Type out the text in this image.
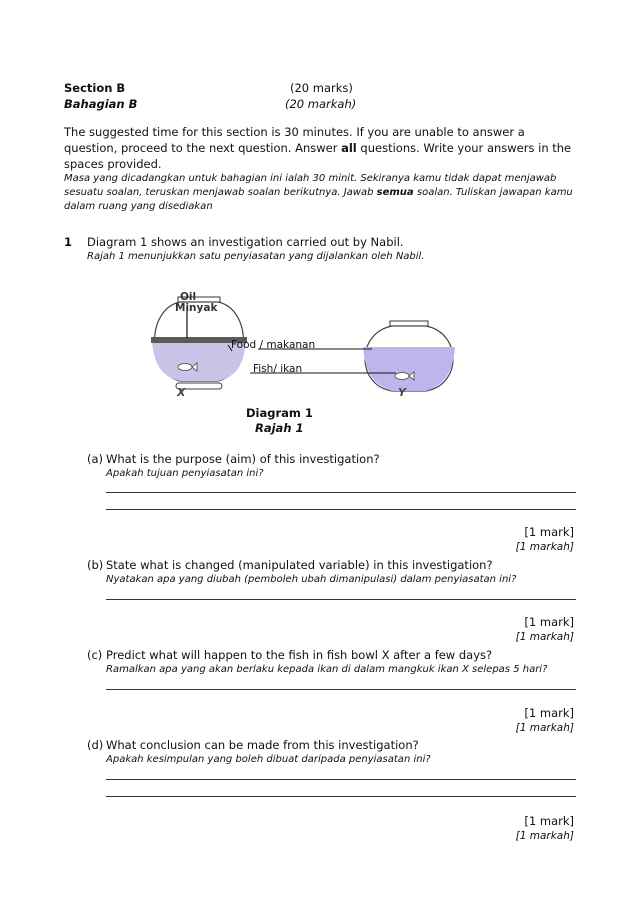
Section B
Bahagian B
(20 marks)
(20 markah)
The suggested time for this section is 30 minutes. If you are unable to answer a question, proceed to the next question. Answer all questions. Write your answers in the spaces provided.
Masa yang dicadangkan untuk bahagian ini ialah 30 minit. Sekiranya kamu tidak dapat menjawab sesuatu soalan, teruskan menjawab soalan berikutnya. Jawab semua soalan. Tuliskan jawapan kamu dalam ruang yang disediakan
1 Diagram 1 shows an investigation carried out by Nabil.
Rajah 1 menunjukkan satu penyiasatan yang dijalankan oleh Nabil.
Oil
Minyak
Food / makanan
Fish/ ikan
X	Y
Diagram 1
Rajah 1
(a) What is the purpose (aim) of this investigation?
Apakah tujuan penyiasatan ini?
[1 mark]
[1 markah]
(b) State what is changed (manipulated variable) in this investigation?
Nyatakan apa yang diubah (pemboleh ubah dimanipulasi) dalam penyiasatan ini?
[1 mark]
[1 markah]
(c) Predict what will happen to the fish in fish bowl X after a few days?
Ramalkan apa yang akan berlaku kepada ikan di dalam mangkuk ikan X selepas 5 hari?
[1 mark]
[1 markah]
(d) What conclusion can be made from this investigation?
Apakah kesimpulan yang boleh dibuat daripada penyiasatan ini?
[1 mark]
[1 markah]
